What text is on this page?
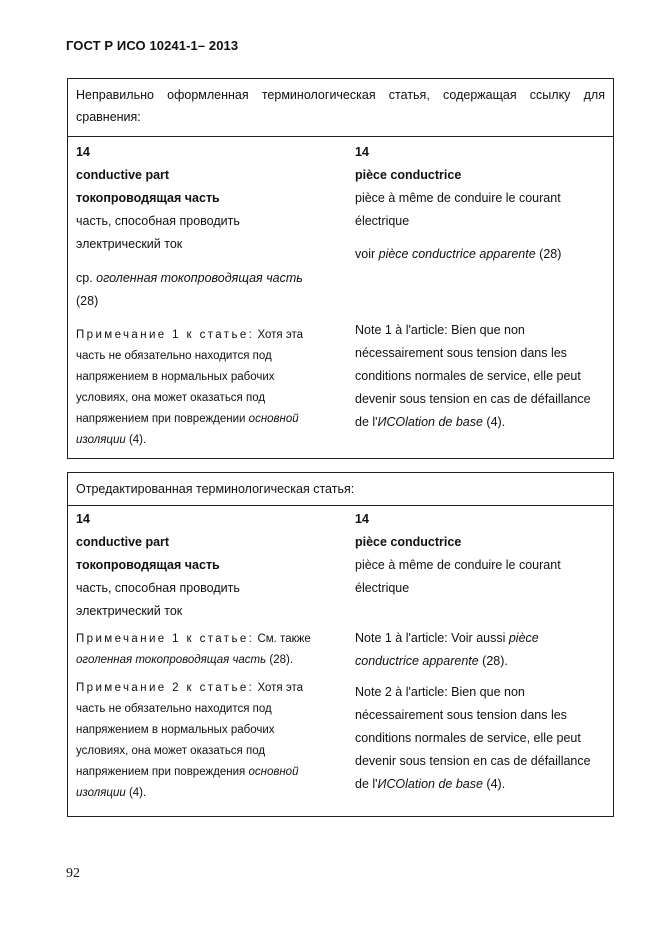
ГОСТ Р ИСО 10241-1– 2013
Неправильно оформленная терминологическая статья, содержащая ссылку для
сравнения:
14
conductive part
токопроводящая часть
часть, способная проводить
электрический ток
ср. оголенная токопроводящая часть
(28)
Примечание 1 к статье: Хотя эта
часть не обязательно находится под
напряжением в нормальных рабочих
условиях, она может оказаться под
напряжением при повреждении основной
изоляции (4).
14
pièce conductrice
pièce à même de conduire le courant
électrique
voir pièce conductrice apparente (28)
Note 1 à l'article: Bien que non
nécessairement sous tension dans les
conditions normales de service, elle peut
devenir sous tension en cas de défaillance
de l'ИСОlation de base (4).
Отредактированная терминологическая статья:
14
conductive part
токопроводящая часть
часть, способная проводить
электрический ток
Примечание 1 к статье: См. также
оголенная токопроводящая часть (28).
Примечание 2 к статье: Хотя эта
часть не обязательно находится под
напряжением в нормальных рабочих
условиях, она может оказаться под
напряжением при повреждения основной
изоляции (4).
14
pièce conductrice
pièce à même de conduire le courant
électrique
Note 1 à l'article: Voir aussi pièce
conductrice apparente (28).
Note 2 à l'article: Bien que non
nécessairement sous tension dans les
conditions normales de service, elle peut
devenir sous tension en cas de défaillance
de l'ИСОlation de base (4).
92
